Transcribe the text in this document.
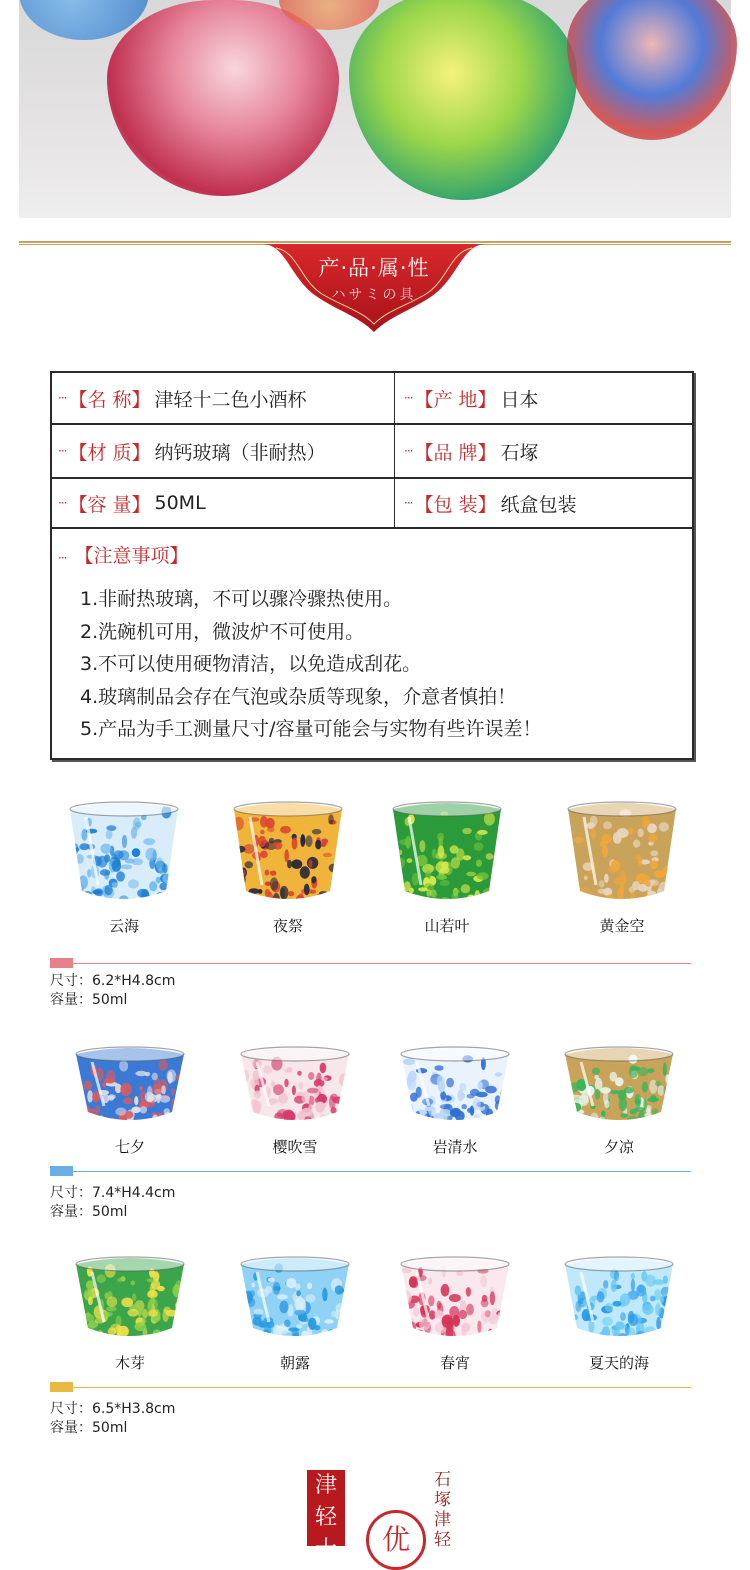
产·品·属·性
ハサミの具
··· 【名 称】 津轻十二色小酒杯	··· 【产 地】 日本
··· 【材 质】 纳钙玻璃（非耐热）	··· 【品 牌】 石塚
··· 【容 量】 50ML	··· 【包 装】 纸盒包装
··· 【注意事项】
1.非耐热玻璃，不可以骤冷骤热使用。
2.洗碗机可用，微波炉不可使用。
3.不可以使用硬物清洁，以免造成刮花。
4.玻璃制品会存在气泡或杂质等现象，介意者慎拍！
5.产品为手工测量尺寸/容量可能会与实物有些许误差！
云海	夜祭	山若叶	黄金空
尺寸：6.2*H4.8cm
容量：50ml
七夕	樱吹雪	岩清水	夕凉
尺寸：7.4*H4.4cm
容量：50ml
木芽	朝露	春宵	夏天的海
尺寸：6.5*H3.8cm
容量：50ml
津轻十	优
石塚津轻
